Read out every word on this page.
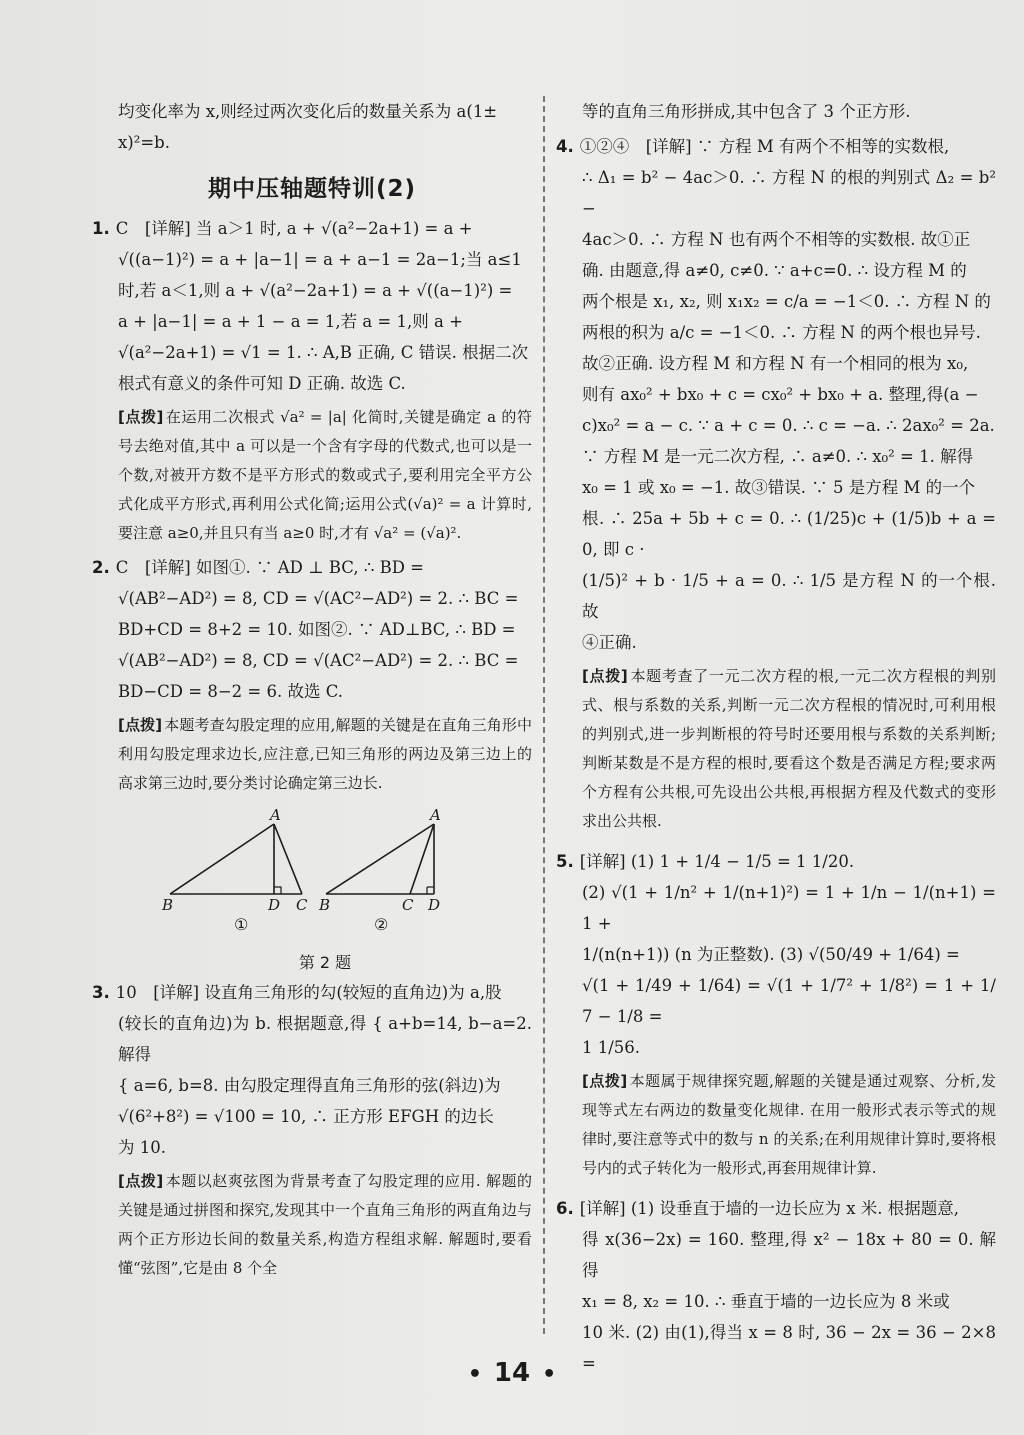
均变化率为 x,则经过两次变化后的数量关系为 a(1±

x)²=b.

期中压轴题特训(2)

1. C　[详解] 当 a＞1 时, a + √(a²−2a+1) = a +

√((a−1)²) = a + |a−1| = a + a−1 = 2a−1;当 a≤1

时,若 a＜1,则 a + √(a²−2a+1) = a + √((a−1)²) =

a + |a−1| = a + 1 − a = 1,若 a = 1,则 a +

√(a²−2a+1) = √1 = 1. ∴ A,B 正确, C 错误. 根据二次

根式有意义的条件可知 D 正确. 故选 C.

[点拨] 在运用二次根式 √a² = |a| 化简时,关键是确定 a 的符号去绝对值,其中 a 可以是一个含有字母的代数式,也可以是一个数,对被开方数不是平方形式的数或式子,要利用完全平方公式化成平方形式,再利用公式化简;运用公式(√a)² = a 计算时,要注意 a≥0,并且只有当 a≥0 时,才有 √a² = (√a)².

2. C　[详解] 如图①. ∵ AD ⊥ BC, ∴ BD =

√(AB²−AD²) = 8, CD = √(AC²−AD²) = 2. ∴ BC =

BD+CD = 8+2 = 10. 如图②. ∵ AD⊥BC, ∴ BD =

√(AB²−AD²) = 8, CD = √(AC²−AD²) = 2. ∴ BC =

BD−CD = 8−2 = 6. 故选 C.

[点拨] 本题考查勾股定理的应用,解题的关键是在直角三角形中利用勾股定理求边长,应注意,已知三角形的两边及第三边上的高求第三边时,要分类讨论确定第三边长.

A
B	D C
①
A
B	C D
②
第 2 题

3. 10　[详解] 设直角三角形的勾(较短的直角边)为 a,股

(较长的直角边)为 b. 根据题意,得 { a+b=14, b−a=2. 解得

{ a=6, b=8. 由勾股定理得直角三角形的弦(斜边)为

√(6²+8²) = √100 = 10, ∴ 正方形 EFGH 的边长

为 10.

[点拨] 本题以赵爽弦图为背景考查了勾股定理的应用. 解题的关键是通过拼图和探究,发现其中一个直角三角形的两直角边与两个正方形边长间的数量关系,构造方程组求解. 解题时,要看懂“弦图”,它是由 8 个全

等的直角三角形拼成,其中包含了 3 个正方形.

4. ①②④　[详解] ∵ 方程 M 有两个不相等的实数根,

∴ Δ₁ = b² − 4ac＞0. ∴ 方程 N 的根的判别式 Δ₂ = b² −

4ac＞0. ∴ 方程 N 也有两个不相等的实数根. 故①正

确. 由题意,得 a≠0, c≠0. ∵ a+c=0. ∴ 设方程 M 的

两个根是 x₁, x₂, 则 x₁x₂ = c/a = −1＜0. ∴ 方程 N 的

两根的积为 a/c = −1＜0. ∴ 方程 N 的两个根也异号.

故②正确. 设方程 M 和方程 N 有一个相同的根为 x₀,

则有 ax₀² + bx₀ + c = cx₀² + bx₀ + a. 整理,得(a −

c)x₀² = a − c. ∵ a + c = 0. ∴ c = −a. ∴ 2ax₀² = 2a.

∵ 方程 M 是一元二次方程, ∴ a≠0. ∴ x₀² = 1. 解得

x₀ = 1 或 x₀ = −1. 故③错误. ∵ 5 是方程 M 的一个

根. ∴ 25a + 5b + c = 0. ∴ (1/25)c + (1/5)b + a = 0, 即 c ·

(1/5)² + b · 1/5 + a = 0. ∴ 1/5 是方程 N 的一个根. 故

④正确.

[点拨] 本题考查了一元二次方程的根,一元二次方程根的判别式、根与系数的关系,判断一元二次方程根的情况时,可利用根的判别式,进一步判断根的符号时还要用根与系数的关系判断;判断某数是不是方程的根时,要看这个数是否满足方程;要求两个方程有公共根,可先设出公共根,再根据方程及代数式的变形求出公共根.

5. [详解] (1) 1 + 1/4 − 1/5 = 1 1/20.

(2) √(1 + 1/n² + 1/(n+1)²) = 1 + 1/n − 1/(n+1) = 1 +

1/(n(n+1)) (n 为正整数). (3) √(50/49 + 1/64) =

√(1 + 1/49 + 1/64) = √(1 + 1/7² + 1/8²) = 1 + 1/7 − 1/8 =

1 1/56.

[点拨] 本题属于规律探究题,解题的关键是通过观察、分析,发现等式左右两边的数量变化规律. 在用一般形式表示等式的规律时,要注意等式中的数与 n 的关系;在利用规律计算时,要将根号内的式子转化为一般形式,再套用规律计算.

6. [详解] (1) 设垂直于墙的一边长应为 x 米. 根据题意,

得 x(36−2x) = 160. 整理,得 x² − 18x + 80 = 0. 解得

x₁ = 8, x₂ = 10. ∴ 垂直于墙的一边长应为 8 米或

10 米. (2) 由(1),得当 x = 8 时, 36 − 2x = 36 − 2×8 =

• 14 •
